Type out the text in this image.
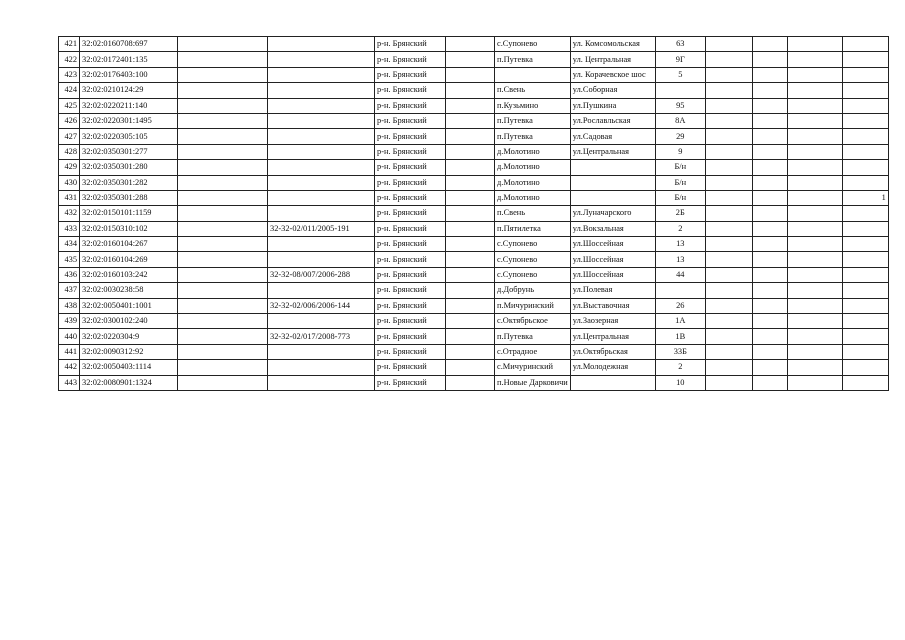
421	32:02:0160708:697			р-н. Брянский		с.Супонево	ул. Комсомольская	63				
422	32:02:0172401:135			р-н. Брянский		п.Путевка	ул. Центральная	9Г				
423	32:02:0176403:100			р-н. Брянский			ул. Корачевское шос	5				
424	32:02:0210124:29			р-н. Брянский		п.Свень	ул.Соборная					
425	32:02:0220211:140			р-н. Брянский		п.Кузьмино	ул.Пушкина	95				
426	32:02:0220301:1495			р-н. Брянский		п.Путевка	ул.Рославльская	8А				
427	32:02:0220305:105			р-н. Брянский		п.Путевка	ул.Садовая	29				
428	32:02:0350301:277			р-н. Брянский		д.Молотино	ул.Центральная	9				
429	32:02:0350301:280			р-н. Брянский		д.Молотино		Б/н				
430	32:02:0350301:282			р-н. Брянский		д.Молотино		Б/н				
431	32:02:0350301:288			р-н. Брянский		д.Молотино		Б/н				1
432	32:02:0150101:1159			р-н. Брянский		п.Свень	ул.Луначарского	2Б				
433	32:02:0150310:102		32-32-02/011/2005-191	р-н. Брянский		п.Пятилетка	ул.Вокзальная	2				
434	32:02:0160104:267			р-н. Брянский		с.Супонево	ул.Шоссейная	13				
435	32:02:0160104:269			р-н. Брянский		с.Супонево	ул.Шоссейная	13				
436	32:02:0160103:242		32-32-08/007/2006-288	р-н. Брянский		с.Супонево	ул.Шоссейная	44				
437	32:02:0030238:58			р-н. Брянский		д.Добрунь	ул.Полевая					
438	32:02:0050401:1001		32-32-02/006/2006-144	р-н. Брянский		п.Мичуринский	ул.Выставочная	26				
439	32:02:0300102:240			р-н. Брянский		с.Октябрьское	ул.Заозерная	1А				
440	32:02:0220304:9		32-32-02/017/2008-773	р-н. Брянский		п.Путевка	ул.Центральная	1В				
441	32:02:0090312:92			р-н. Брянский		с.Отрадное	ул.Октябрьская	33Б				
442	32:02:0050403:1114			р-н. Брянский		с.Мичуринский	ул.Молодежная	2				
443	32:02:0080901:1324			р-н. Брянский		п.Новые Дарковичи		10				
